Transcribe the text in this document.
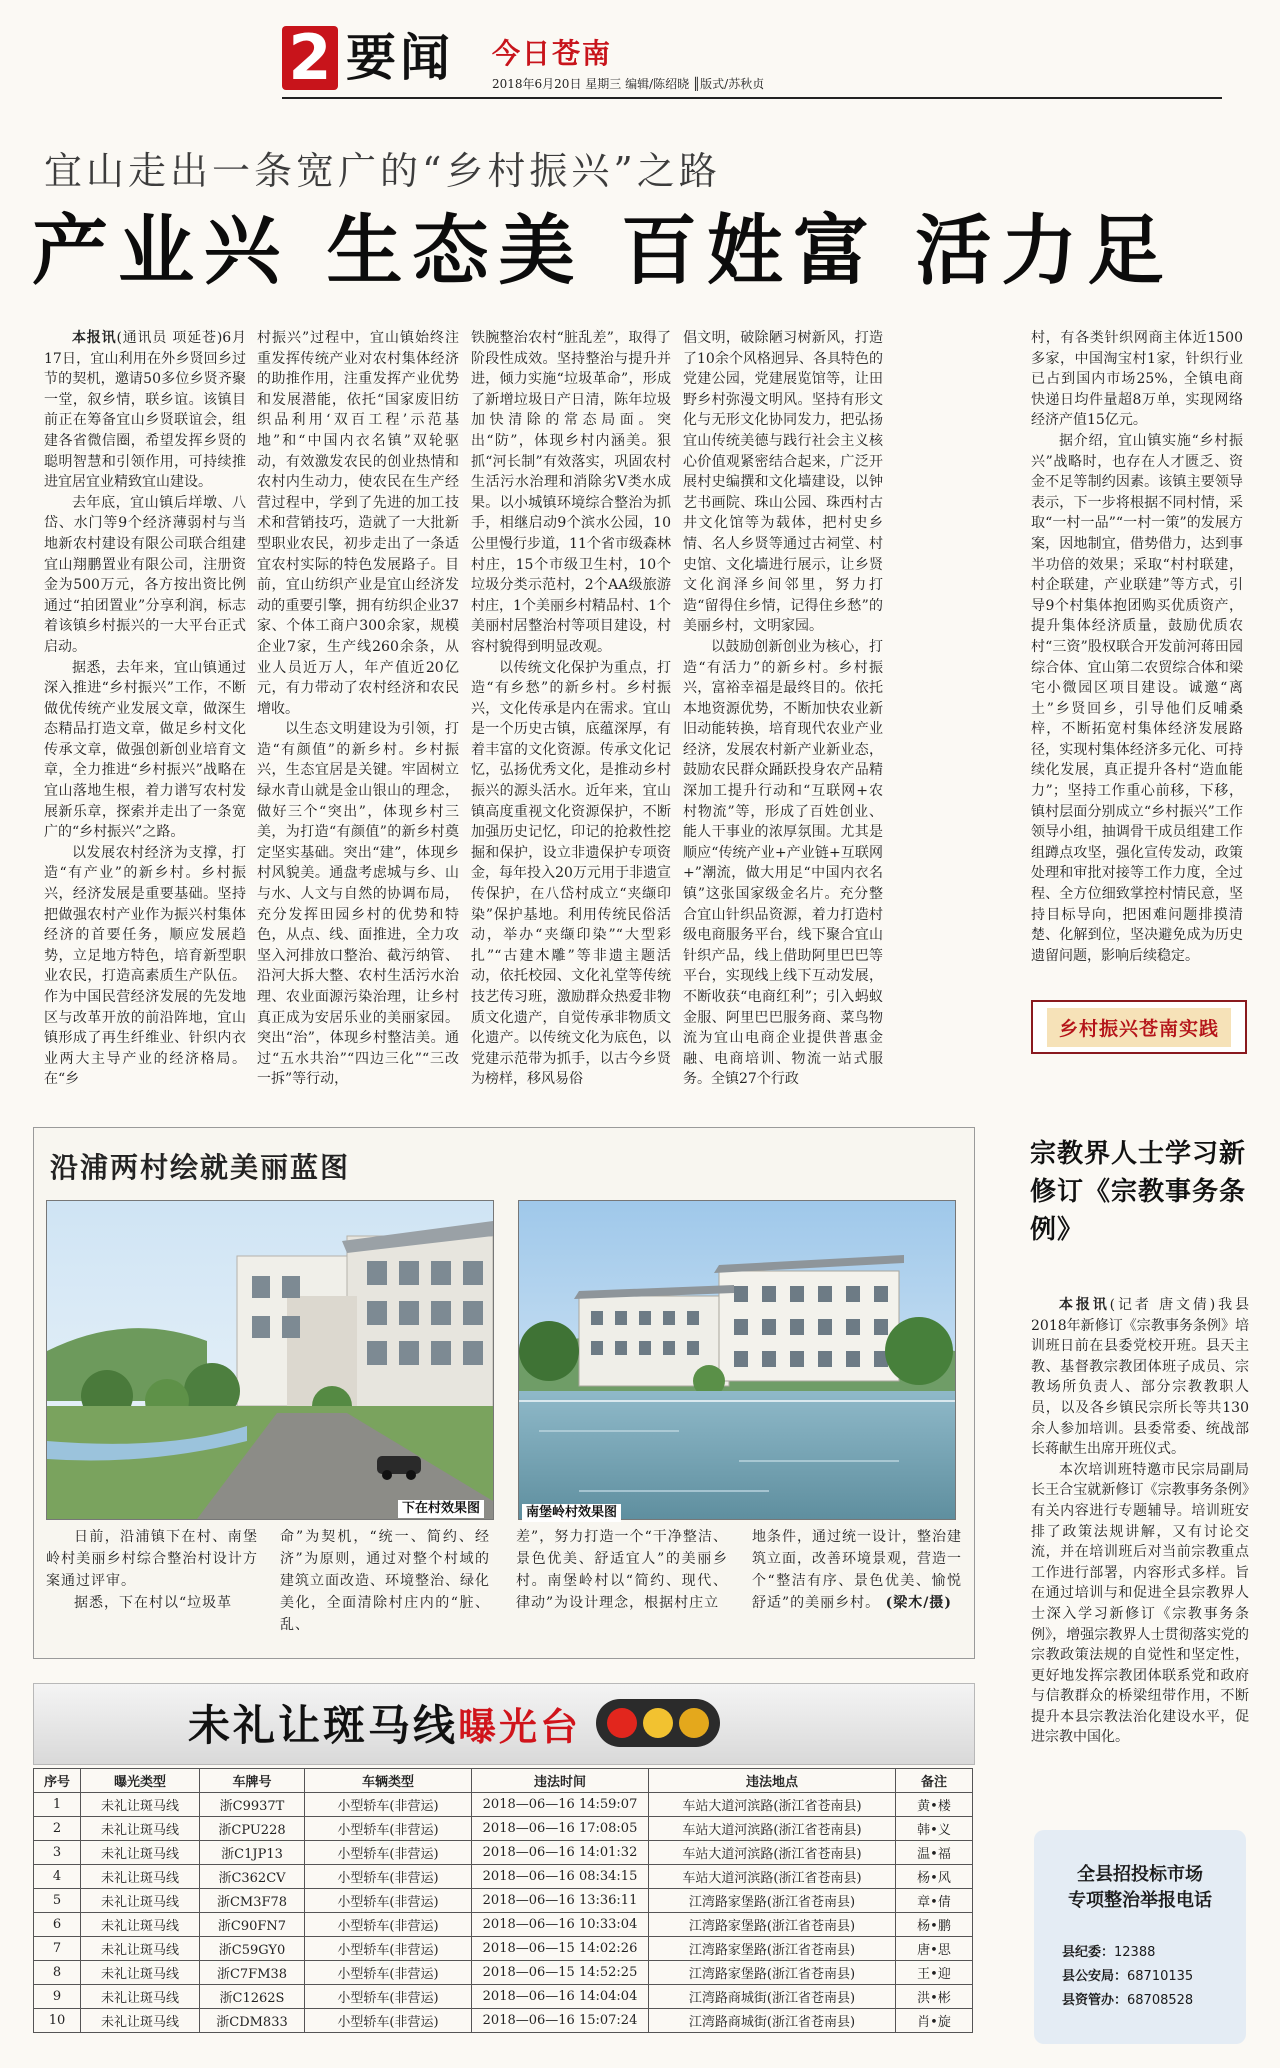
2 要闻 今日苍南
2018年6月20日 星期三 编辑/陈绍晓 ║版式/苏秋贞
宜山走出一条宽广的“乡村振兴”之路
产业兴 生态美 百姓富 活力足

本报讯(通讯员 项延苍)6月17日，宜山利用在外乡贤回乡过节的契机，邀请50多位乡贤齐聚一堂，叙乡情，联乡谊。该镇目前正在筹备宜山乡贤联谊会，组建各省微信圈，希望发挥乡贤的聪明智慧和引领作用，可持续推进宜居宜业精致宜山建设。

去年底，宜山镇后垟墩、八岱、水门等9个经济薄弱村与当地新农村建设有限公司联合组建宜山翔鹏置业有限公司，注册资金为500万元，各方按出资比例通过“拍团置业”分享利润，标志着该镇乡村振兴的一大平台正式启动。

据悉，去年来，宜山镇通过深入推进“乡村振兴”工作，不断做优传统产业发展文章，做深生态精品打造文章，做足乡村文化传承文章，做强创新创业培育文章，全力推进“乡村振兴”战略在宜山落地生根，着力谱写农村发展新乐章，探索并走出了一条宽广的“乡村振兴”之路。

以发展农村经济为支撑，打造“有产业”的新乡村。乡村振兴，经济发展是重要基础。坚持把做强农村产业作为振兴村集体经济的首要任务，顺应发展趋势，立足地方特色，培育新型职业农民，打造高素质生产队伍。作为中国民营经济发展的先发地区与改革开放的前沿阵地，宜山镇形成了再生纤维业、针织内衣业两大主导产业的经济格局。在“乡

村振兴”过程中，宜山镇始终注重发挥传统产业对农村集体经济的助推作用，注重发挥产业优势和发展潜能，依托“国家废旧纺织品利用‘双百工程’示范基地”和“中国内衣名镇”双轮驱动，有效激发农民的创业热情和农村内生动力，使农民在生产经营过程中，学到了先进的加工技术和营销技巧，造就了一大批新型职业农民，初步走出了一条适宜农村实际的特色发展路子。目前，宜山纺织产业是宜山经济发动的重要引擎，拥有纺织企业37家、个体工商户300余家，规模企业7家，生产线260余条，从业人员近万人，年产值近20亿元，有力带动了农村经济和农民增收。

以生态文明建设为引领，打造“有颜值”的新乡村。乡村振兴，生态宜居是关键。牢固树立绿水青山就是金山银山的理念，做好三个“突出”，体现乡村三美，为打造“有颜值”的新乡村奠定坚实基础。突出“建”，体现乡村风貌美。通盘考虑城与乡、山与水、人文与自然的协调布局，充分发挥田园乡村的优势和特色，从点、线、面推进，全力攻坚入河排放口整治、截污纳管、沿河大拆大整、农村生活污水治理、农业面源污染治理，让乡村真正成为安居乐业的美丽家园。突出“治”，体现乡村整洁美。通过“五水共治”“四边三化”“三改一拆”等行动，

铁腕整治农村“脏乱差”，取得了阶段性成效。坚持整治与提升并进，倾力实施“垃圾革命”，形成了新增垃圾日产日清，陈年垃圾加快清除的常态局面。突出“防”，体现乡村内涵美。狠抓“河长制”有效落实，巩固农村生活污水治理和消除劣V类水成果。以小城镇环境综合整治为抓手，相继启动9个滨水公园，10公里慢行步道，11个省市级森林村庄，15个市级卫生村，10个垃圾分类示范村，2个AA级旅游村庄，1个美丽乡村精品村、1个美丽村居整治村等项目建设，村容村貌得到明显改观。

以传统文化保护为重点，打造“有乡愁”的新乡村。乡村振兴，文化传承是内在需求。宜山是一个历史古镇，底蕴深厚，有着丰富的文化资源。传承文化记忆，弘扬优秀文化，是推动乡村振兴的源头活水。近年来，宜山镇高度重视文化资源保护，不断加强历史记忆，印记的抢救性挖掘和保护，设立非遗保护专项资金，每年投入20万元用于非遗宣传保护，在八岱村成立“夹缬印染”保护基地。利用传统民俗活动，举办“夹缬印染”“大型彩扎”“古建木雕”等非遗主题活动，依托校园、文化礼堂等传统技艺传习班，激励群众热爱非物质文化遗产，自觉传承非物质文化遗产。以传统文化为底色，以党建示范带为抓手，以古今乡贤为榜样，移风易俗

倡文明，破除陋习树新风，打造了10余个风格迥异、各具特色的党建公园，党建展览馆等，让田野乡村弥漫文明风。坚持有形文化与无形文化协同发力，把弘扬宜山传统美德与践行社会主义核心价值观紧密结合起来，广泛开展村史编撰和文化墙建设，以钟艺书画院、珠山公园、珠西村古井文化馆等为载体，把村史乡情、名人乡贤等通过古祠堂、村史馆、文化墙进行展示，让乡贤文化润泽乡间邻里，努力打造“留得住乡情，记得住乡愁”的美丽乡村，文明家园。

以鼓励创新创业为核心，打造“有活力”的新乡村。乡村振兴，富裕幸福是最终目的。依托本地资源优势，不断加快农业新旧动能转换，培育现代农业产业经济，发展农村新产业新业态，鼓励农民群众踊跃投身农产品精深加工提升行动和“互联网+农村物流”等，形成了百姓创业、能人干事业的浓厚氛围。尤其是顺应“传统产业+产业链+互联网+”潮流，做大用足“中国内衣名镇”这张国家级金名片。充分整合宜山针织品资源，着力打造村级电商服务平台，线下聚合宜山针织产品，线上借助阿里巴巴等平台，实现线上线下互动发展，不断收获“电商红利”；引入蚂蚁金服、阿里巴巴服务商、菜鸟物流为宜山电商企业提供普惠金融、电商培训、物流一站式服务。全镇27个行政

村，有各类针织网商主体近1500多家，中国淘宝村1家，针织行业已占到国内市场25%，全镇电商快递日均件量超8万单，实现网络经济产值15亿元。

据介绍，宜山镇实施“乡村振兴”战略时，也存在人才匮乏、资金不足等制约因素。该镇主要领导表示，下一步将根据不同村情，采取“一村一品”“一村一策”的发展方案，因地制宜，借势借力，达到事半功倍的效果；采取“村村联建，村企联建，产业联建”等方式，引导9个村集体抱团购买优质资产，提升集体经济质量，鼓励优质农村“三资”股权联合开发前河蒋田园综合体、宜山第二农贸综合体和梁宅小微园区项目建设。诚邀“离土”乡贤回乡，引导他们反哺桑梓，不断拓宽村集体经济发展路径，实现村集体经济多元化、可持续化发展，真正提升各村“造血能力”；坚持工作重心前移，下移，镇村层面分别成立“乡村振兴”工作领导小组，抽调骨干成员组建工作组蹲点攻坚，强化宣传发动，政策处理和审批对接等工作力度，全过程、全方位细致掌控村情民意，坚持目标导向，把困难问题排摸清楚、化解到位，坚决避免成为历史遗留问题，影响后续稳定。

乡村振兴苍南实践
沿浦两村绘就美丽蓝图
下在村效果图	南堡岭村效果图

日前，沿浦镇下在村、南堡岭村美丽乡村综合整治村设计方案通过评审。

据悉，下在村以“垃圾革

命”为契机，“统一、简约、经济”为原则，通过对整个村域的建筑立面改造、环境整治、绿化美化，全面清除村庄内的“脏、乱、
差”，努力打造一个“干净整洁、景色优美、舒适宜人”的美丽乡村。南堡岭村以“简约、现代、律动”为设计理念，根据村庄立
地条件，通过统一设计，整治建筑立面，改善环境景观，营造一个“整洁有序、景色优美、愉悦舒适”的美丽乡村。 (梁木/摄)
宗教界人士学习新修订《宗教事务条例》

本报讯(记者 唐文倩)我县2018年新修订《宗教事务条例》培训班日前在县委党校开班。县天主教、基督教宗教团体班子成员、宗教场所负责人、部分宗教教职人员，以及各乡镇民宗所长等共130余人参加培训。县委常委、统战部长蒋献生出席开班仪式。

本次培训班特邀市民宗局副局长王合宝就新修订《宗教事务条例》有关内容进行专题辅导。培训班安排了政策法规讲解，又有讨论交流，并在培训班后对当前宗教重点工作进行部署，内容形式多样。旨在通过培训与和促进全县宗教界人士深入学习新修订《宗教事务条例》，增强宗教界人士贯彻落实党的宗教政策法规的自觉性和坚定性，更好地发挥宗教团体联系党和政府与信教群众的桥梁纽带作用，不断提升本县宗教法治化建设水平，促进宗教中国化。

全县招投标市场
专项整治举报电话
县纪委：12388
县公安局：68710135
县资管办：68708528
未礼让斑马线曝光台
序号	曝光类型	车牌号	车辆类型	违法时间	违法地点	备注
1	未礼让斑马线	浙C9937T	小型轿车(非营运)	2018—06—16 14:59:07	车站大道河滨路(浙江省苍南县)	黄•楼
2	未礼让斑马线	浙CPU228	小型轿车(非营运)	2018—06—16 17:08:05	车站大道河滨路(浙江省苍南县)	韩•义
3	未礼让斑马线	浙C1JP13	小型轿车(非营运)	2018—06—16 14:01:32	车站大道河滨路(浙江省苍南县)	温•福
4	未礼让斑马线	浙C362CV	小型轿车(非营运)	2018—06—16 08:34:15	车站大道河滨路(浙江省苍南县)	杨•风
5	未礼让斑马线	浙CM3F78	小型轿车(非营运)	2018—06—16 13:36:11	江湾路家堡路(浙江省苍南县)	章•倩
6	未礼让斑马线	浙C90FN7	小型轿车(非营运)	2018—06—16 10:33:04	江湾路家堡路(浙江省苍南县)	杨•鹏
7	未礼让斑马线	浙C59GY0	小型轿车(非营运)	2018—06—15 14:02:26	江湾路家堡路(浙江省苍南县)	唐•思
8	未礼让斑马线	浙C7FM38	小型轿车(非营运)	2018—06—15 14:52:25	江湾路家堡路(浙江省苍南县)	王•迎
9	未礼让斑马线	浙C1262S	小型轿车(非营运)	2018—06—16 14:04:04	江湾路商城街(浙江省苍南县)	洪•彬
10	未礼让斑马线	浙CDM833	小型轿车(非营运)	2018—06—16 15:07:24	江湾路商城街(浙江省苍南县)	肖•旋
